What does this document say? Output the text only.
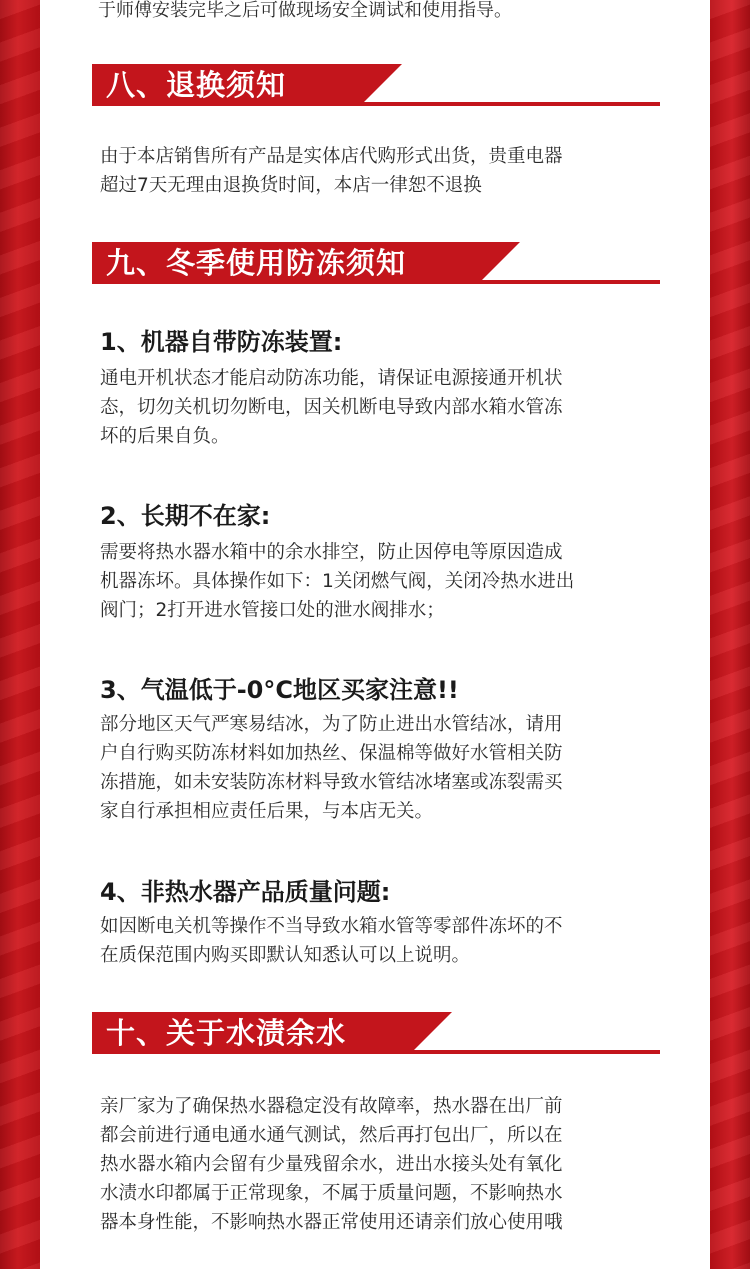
于师傅安装完毕之后可做现场安全调试和使用指导。
八、退换须知
由于本店销售所有产品是实体店代购形式出货，贵重电器
超过7天无理由退换货时间，本店一律恕不退换
九、冬季使用防冻须知
1、机器自带防冻装置:
通电开机状态才能启动防冻功能，请保证电源接通开机状
态，切勿关机切勿断电，因关机断电导致内部水箱水管冻
坏的后果自负。
2、长期不在家:
需要将热水器水箱中的余水排空，防止因停电等原因造成
机器冻坏。具体操作如下：1关闭燃气阀，关闭冷热水进出
阀门；2打开进水管接口处的泄水阀排水；
3、气温低于-0°C地区买家注意!!
部分地区天气严寒易结冰，为了防止进出水管结冰，请用
户自行购买防冻材料如加热丝、保温棉等做好水管相关防
冻措施，如未安装防冻材料导致水管结冰堵塞或冻裂需买
家自行承担相应责任后果，与本店无关。
4、非热水器产品质量问题:
如因断电关机等操作不当导致水箱水管等零部件冻坏的不
在质保范围内购买即默认知悉认可以上说明。
十、关于水渍余水
亲厂家为了确保热水器稳定没有故障率，热水器在出厂前
都会前进行通电通水通气测试，然后再打包出厂，所以在
热水器水箱内会留有少量残留余水，进出水接头处有氧化
水渍水印都属于正常现象，不属于质量问题，不影响热水
器本身性能，不影响热水器正常使用还请亲们放心使用哦
